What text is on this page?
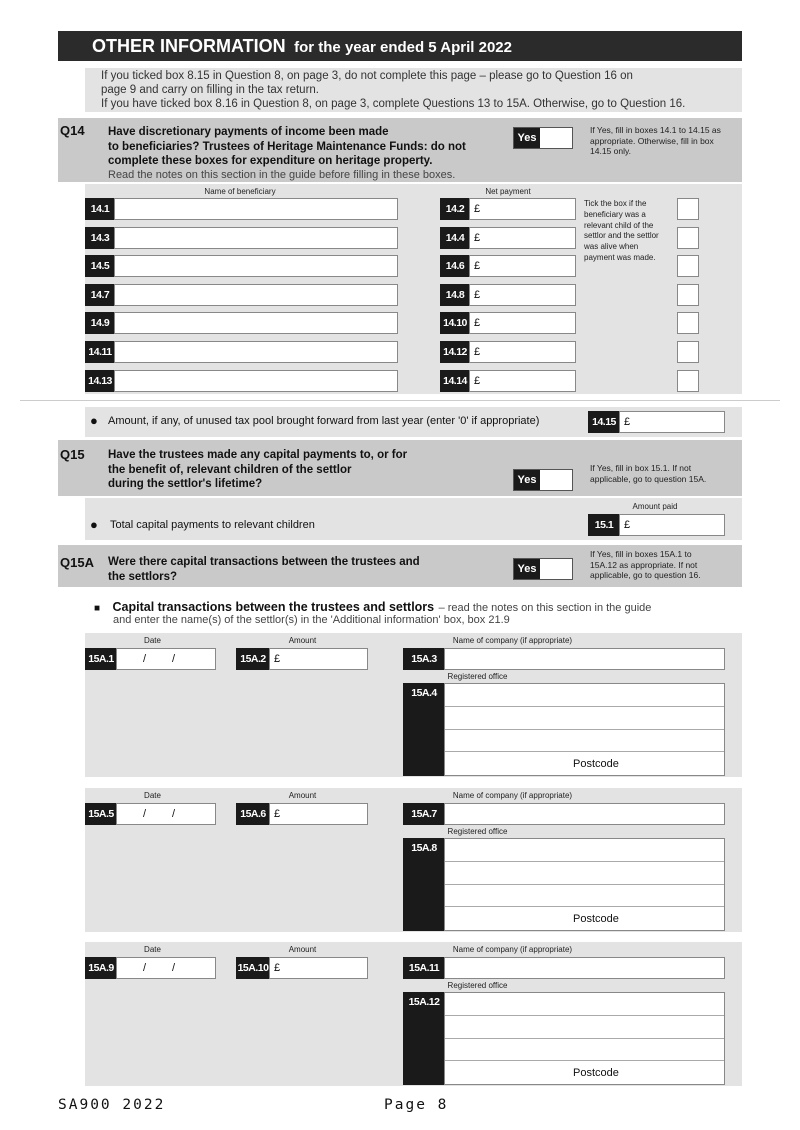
OTHER INFORMATION for the year ended 5 April 2022
If you ticked box 8.15 in Question 8, on page 3, do not complete this page – please go to Question 16 on
page 9 and carry on filling in the tax return.
If you have ticked box 8.16 in Question 8, on page 3, complete Questions 13 to 15A. Otherwise, go to Question 16.
Q14 Have discretionary payments of income been made
to beneficiaries? Trustees of Heritage Maintenance Funds: do not
complete these boxes for expenditure on heritage property.
Read the notes on this section in the guide before filling in these boxes.
Yes
If Yes, fill in boxes 14.1 to 14.15 as
appropriate. Otherwise, fill in box
14.15 only.
Name of beneficiary	Net payment
14.1	14.2 £
14.3	14.4 £
14.5	14.6 £
14.7	14.8 £
14.9	14.10 £
14.11	14.12 £
14.13	14.14 £
Tick the box if the
beneficiary was a
relevant child of the
settlor and the settlor
was alive when
payment was made.
● Amount, if any, of unused tax pool brought forward from last year (enter '0' if appropriate)	14.15 £
Q15 Have the trustees made any capital payments to, or for
the benefit of, relevant children of the settlor
during the settlor's lifetime?	Yes
If Yes, fill in box 15.1. If not
applicable, go to question 15A.
Amount paid
● Total capital payments to relevant children	15.1 £
Q15A Were there capital transactions between the trustees and
the settlors?
Yes
If Yes, fill in boxes 15A.1 to
15A.12 as appropriate. If not
applicable, go to question 16.
■ Capital transactions between the trustees and settlors – read the notes on this section in the guide
and enter the name(s) of the settlor(s) in the 'Additional information' box, box 21.9
Date	Amount	Name of company (if appropriate)
15A.1	/ /	15A.2 £	15A.3
Registered office
15A.4
Postcode
Date	Amount	Name of company (if appropriate)
15A.5	/ /	15A.6 £	15A.7
Registered office
15A.8
Postcode
Date	Amount	Name of company (if appropriate)
15A.9	/ /	15A.10 £	15A.11
Registered office
15A.12
Postcode
SA900 2022	Page 8
